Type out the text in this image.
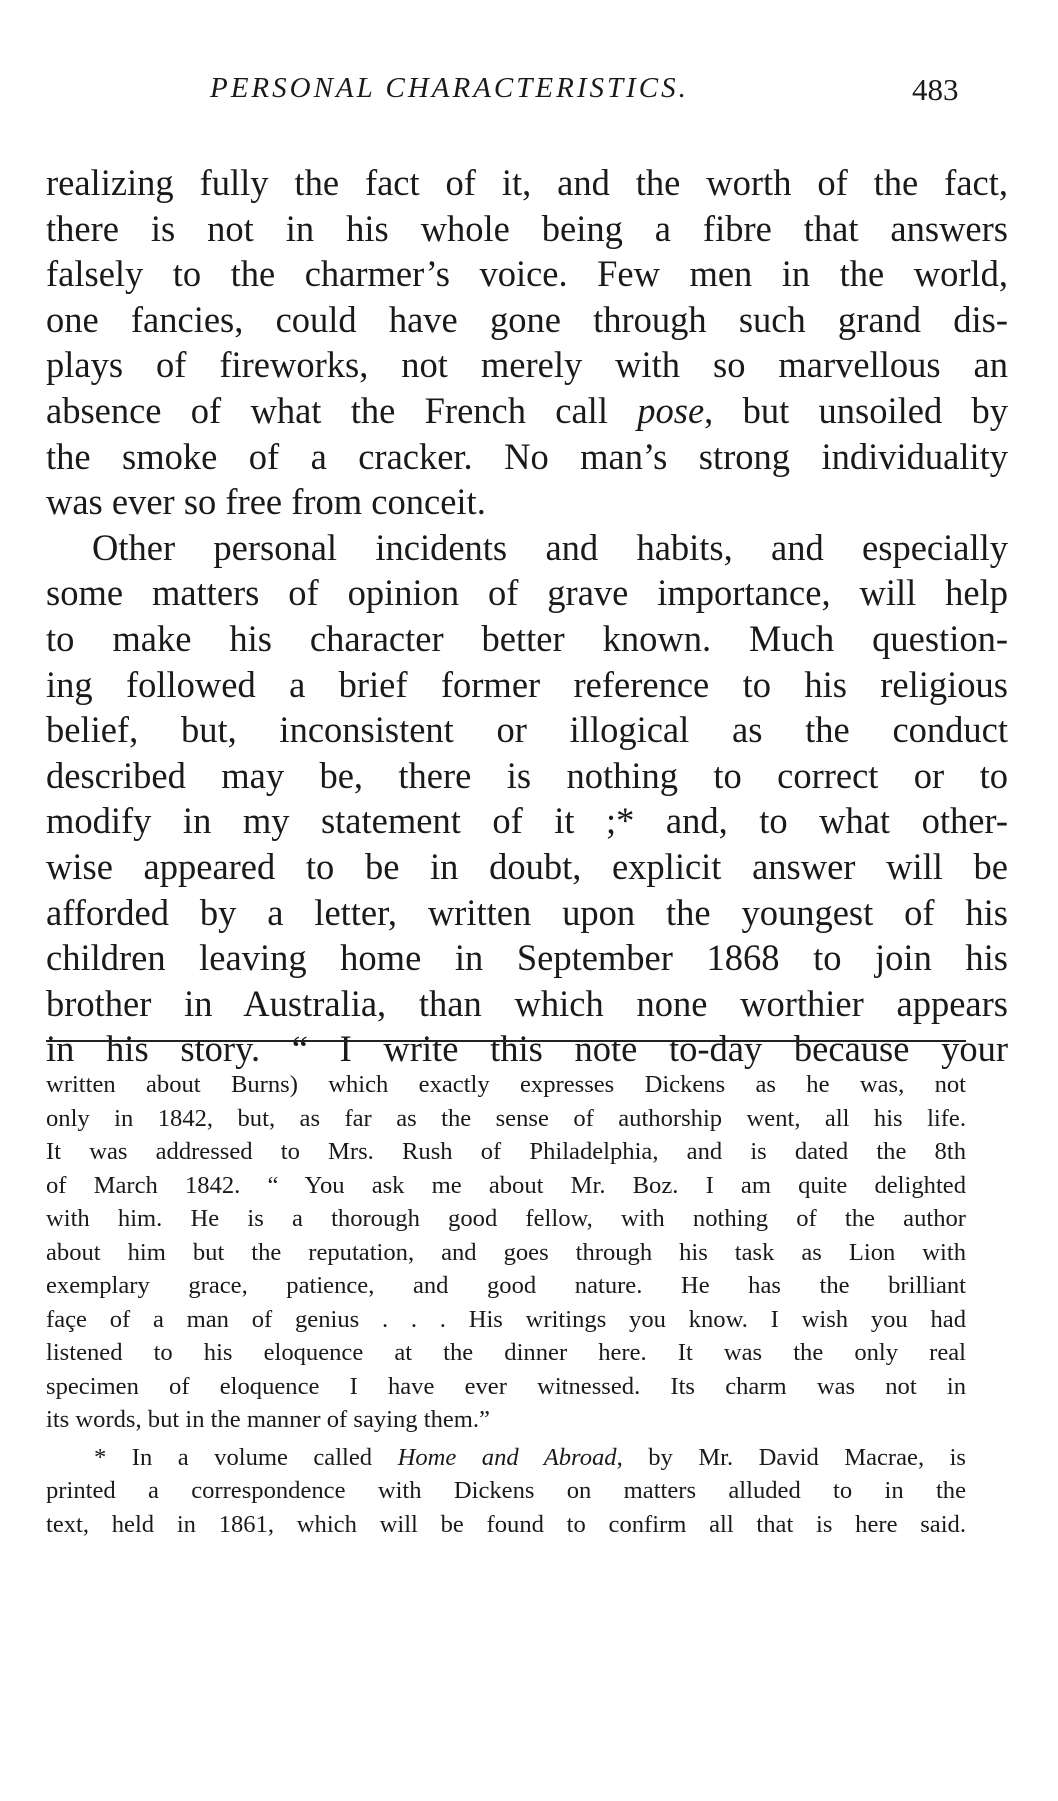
PERSONAL CHARACTERISTICS.	483
realizing fully the fact of it, and the worth of the fact,
there is not in his whole being a fibre that answers
falsely to the charmer’s voice. Few men in the world,
one fancies, could have gone through such grand dis-
plays of fireworks, not merely with so marvellous an
absence of what the French call pose, but unsoiled by
the smoke of a cracker. No man’s strong individuality
was ever so free from conceit.
Other personal incidents and habits, and especially
some matters of opinion of grave importance, will help
to make his character better known. Much question-
ing followed a brief former reference to his religious
belief, but, inconsistent or illogical as the conduct
described may be, there is nothing to correct or to
modify in my statement of it ;* and, to what other-
wise appeared to be in doubt, explicit answer will be
afforded by a letter, written upon the youngest of his
children leaving home in September 1868 to join his
brother in Australia, than which none worthier appears
in his story. “ I write this note to-day because your
written about Burns) which exactly expresses Dickens as he was, not
only in 1842, but, as far as the sense of authorship went, all his life.
It was addressed to Mrs. Rush of Philadelphia, and is dated the 8th
of March 1842. “ You ask me about Mr. Boz. I am quite delighted
with him. He is a thorough good fellow, with nothing of the author
about him but the reputation, and goes through his task as Lion with
exemplary grace, patience, and good nature. He has the brilliant
façe of a man of genius . . . His writings you know. I wish you had
listened to his eloquence at the dinner here. It was the only real
specimen of eloquence I have ever witnessed. Its charm was not in
its words, but in the manner of saying them.”
* In a volume called Home and Abroad, by Mr. David Macrae, is
printed a correspondence with Dickens on matters alluded to in the
text, held in 1861, which will be found to confirm all that is here said.
